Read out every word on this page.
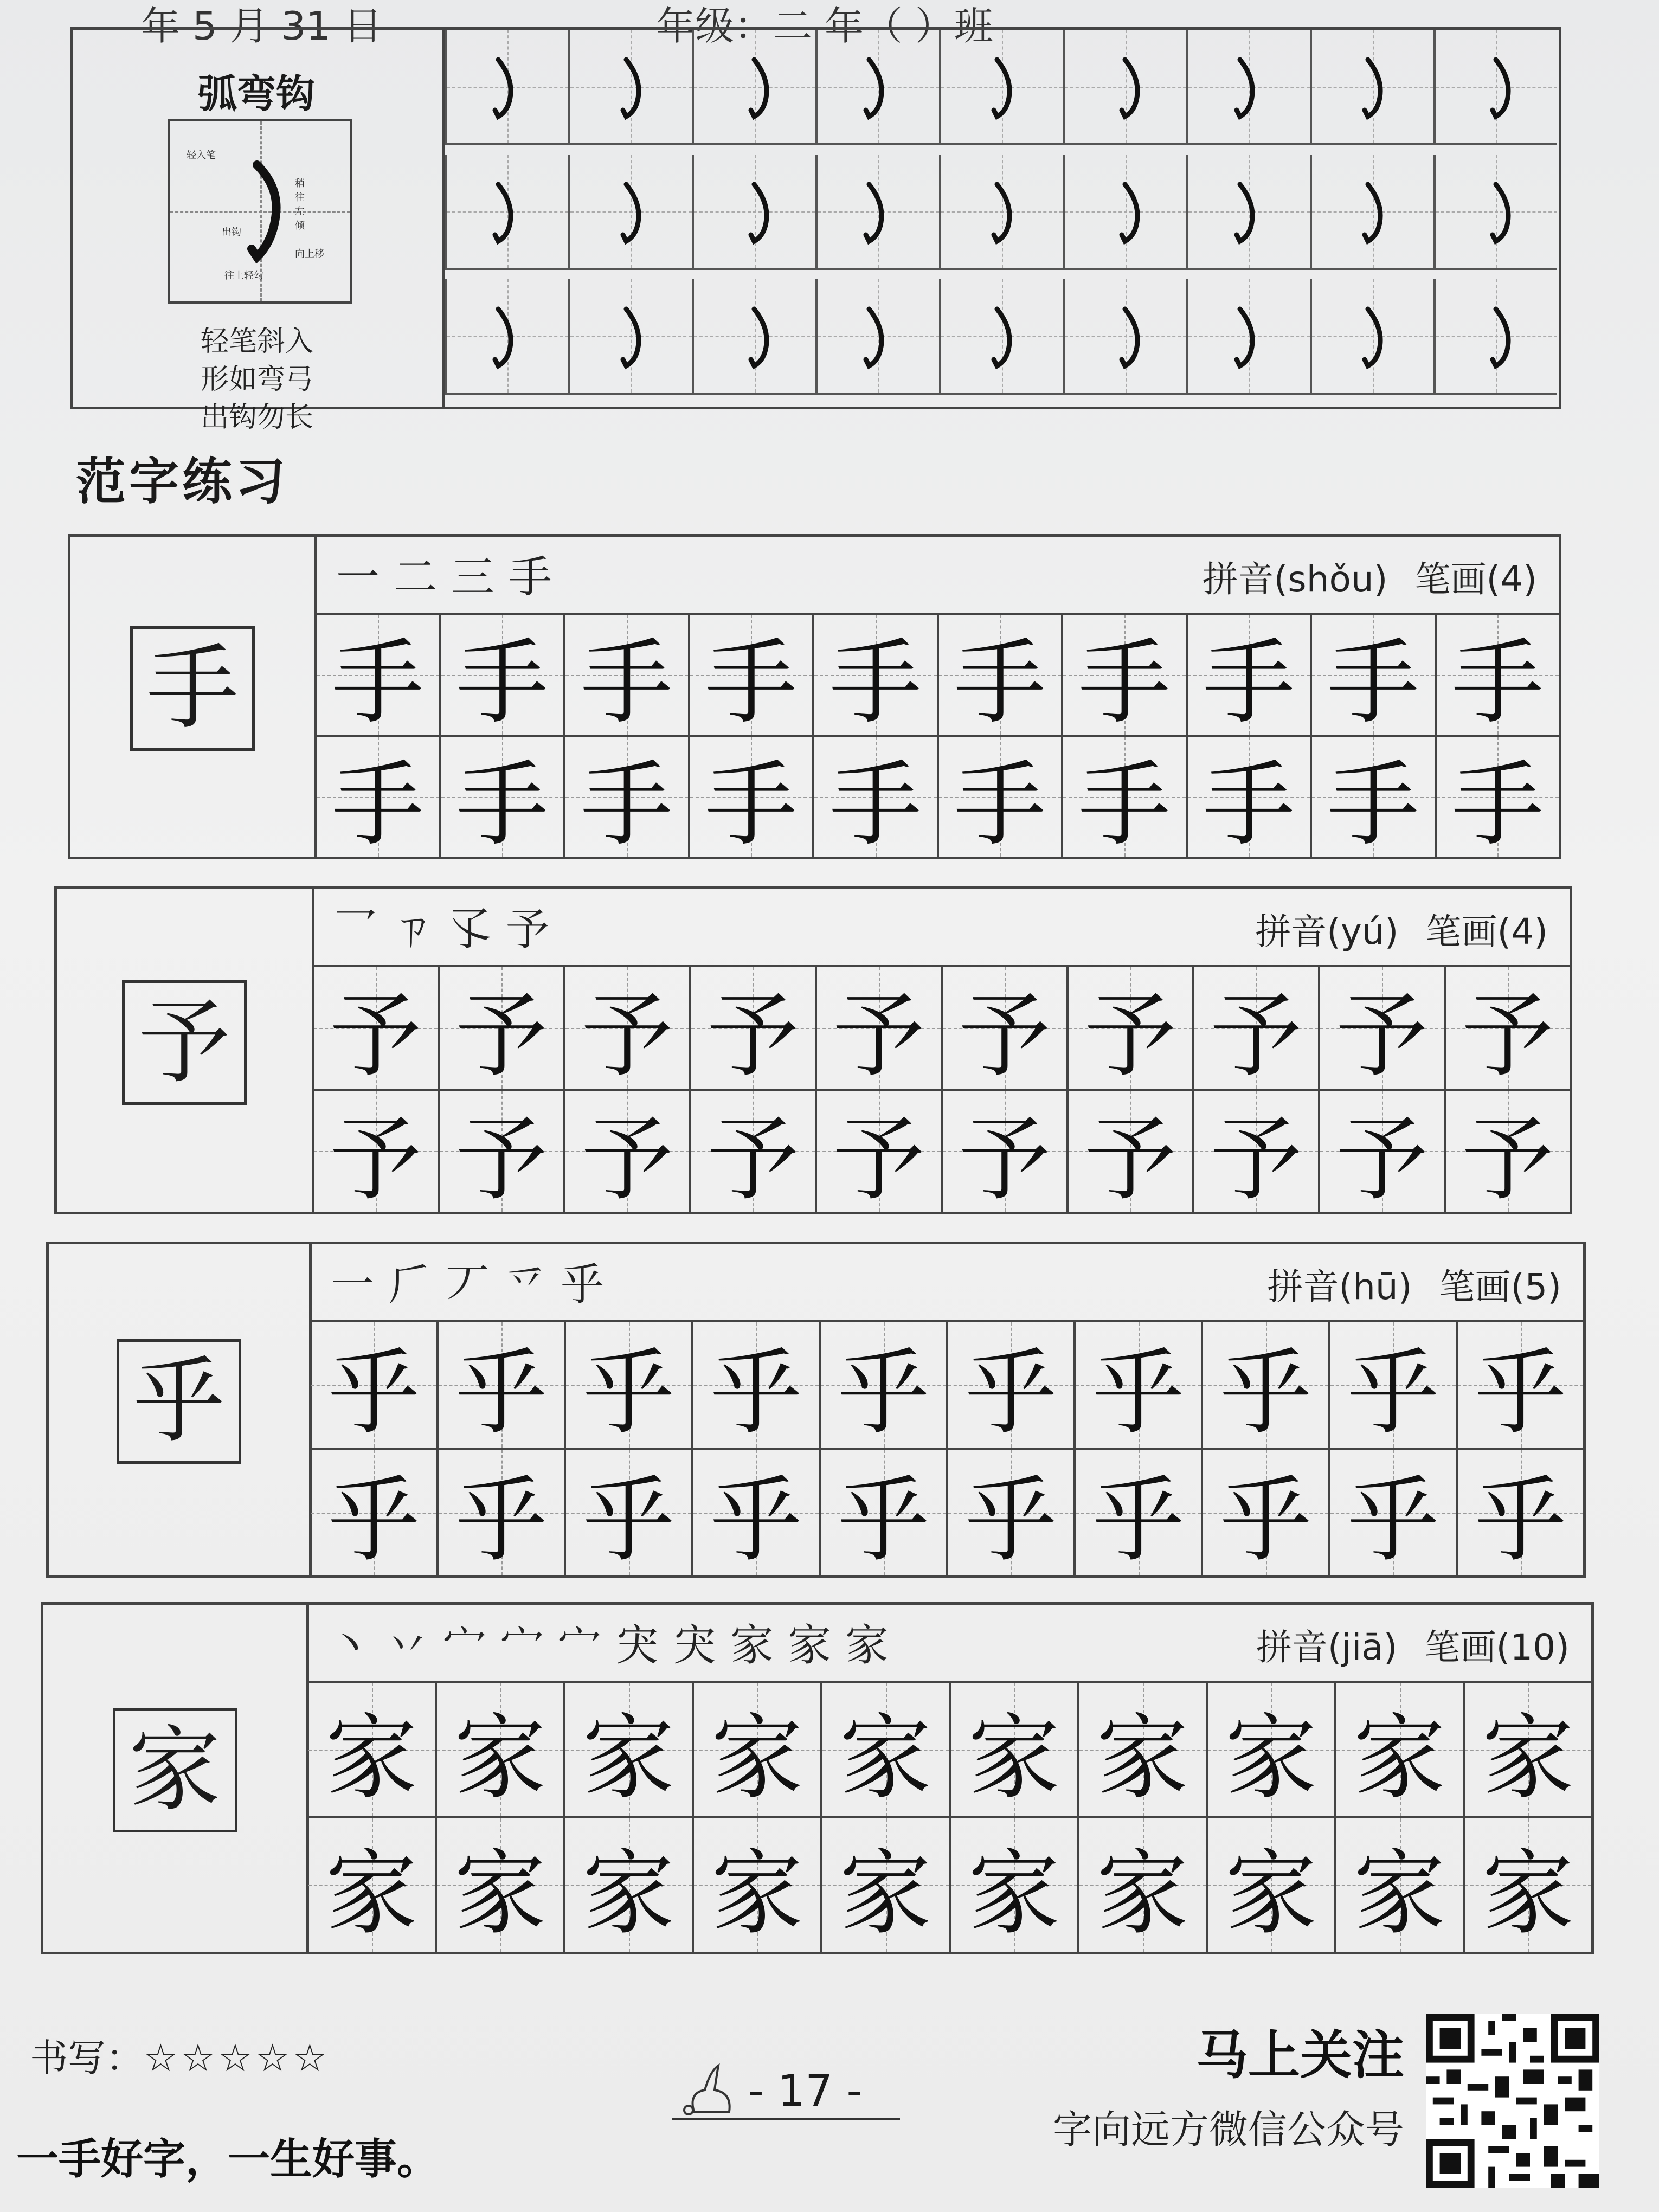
年 5 月 31 日	年级：二 年（ ）班
弧弯钩
轻入笔
稍往左倾
出钩
向上移
往上轻勾
轻笔斜入
形如弯弓
出钩勿长
范字练习
手
一二三手	拼音(shǒu) 笔画(4)
手 手 手 手 手 手 手 手 手 手
手 手 手 手 手 手 手 手 手 手
予
乛ㄗ孓予	拼音(yú) 笔画(4)
予 予 予 予 予 予 予 予 予 予
予 予 予 予 予 予 予 予 予 予
乎
一𠂆丆乊乎	拼音(hū) 笔画(5)
乎 乎 乎 乎 乎 乎 乎 乎 乎 乎
乎 乎 乎 乎 乎 乎 乎 乎 乎 乎
家
丶丷宀宀宀宊宊家家家	拼音(jiā) 笔画(10)
家 家 家 家 家 家 家 家 家 家
家 家 家 家 家 家 家 家 家 家
书写：☆☆☆☆☆
一手好字，一生好事。
- 17 -
马上关注
字向远方微信公众号
